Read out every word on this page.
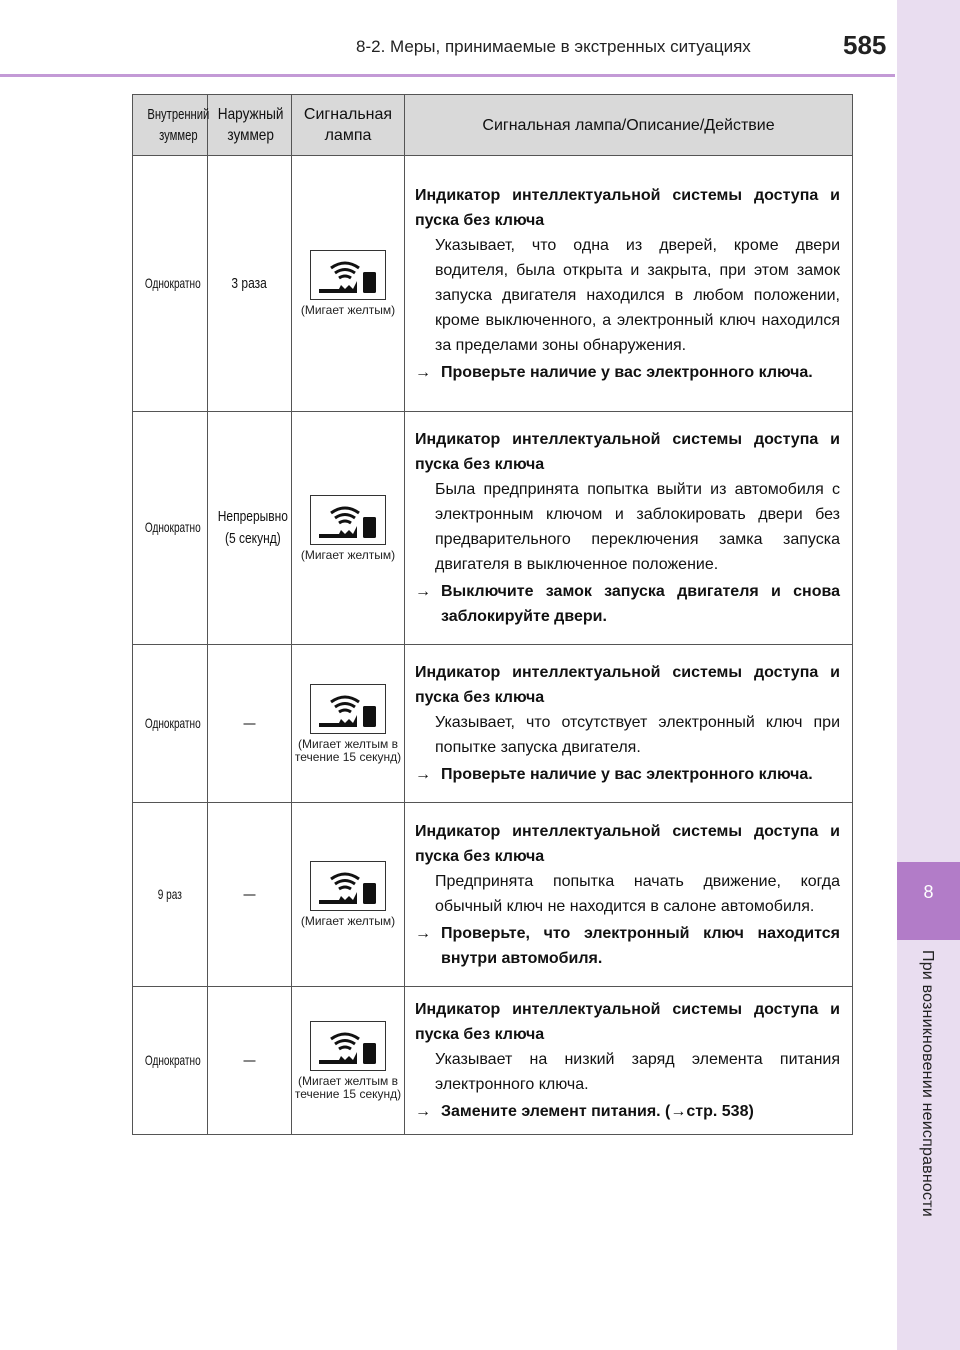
8-2. Меры, принимаемые в экстренных ситуациях	585
8
При возникновении неисправности
Внутренний зуммер	Наружный зуммер	Сигнальная лампа	Сигнальная лампа/Описание/Действие
Однократно	3 раза	(Мигает желтым)	Индикатор интеллектуальной системы доступа и пуска без ключа
Указывает, что одна из дверей, кроме двери водителя, была открыта и закрыта, при этом замок запуска двигателя находился в любом положении, кроме выключенного, а электронный ключ находился за пределами зоны обнаружения.
→ Проверьте наличие у вас электронного ключа.

Однократно	Непрерывно (5 секунд)	(Мигает желтым)	Индикатор интеллектуальной системы доступа и пуска без ключа
Была предпринята попытка выйти из автомобиля с электронным ключом и заблокировать двери без предварительного переключения замка запуска двигателя в выключенное положение.
→ Выключите замок запуска двигателя и снова заблокируйте двери.

Однократно	—	(Мигает желтым в течение 15 секунд)	Индикатор интеллектуальной системы доступа и пуска без ключа
Указывает, что отсутствует электронный ключ при попытке запуска двигателя.
→ Проверьте наличие у вас электронного ключа.

9 раз	—	(Мигает желтым)	Индикатор интеллектуальной системы доступа и пуска без ключа
Предпринята попытка начать движение, когда обычный ключ не находится в салоне автомобиля.
→ Проверьте, что электронный ключ находится внутри автомобиля.

Однократно	—	(Мигает желтым в течение 15 секунд)	Индикатор интеллектуальной системы доступа и пуска без ключа
Указывает на низкий заряд элемента питания электронного ключа.
→ Замените элемент питания. (→стр. 538)
